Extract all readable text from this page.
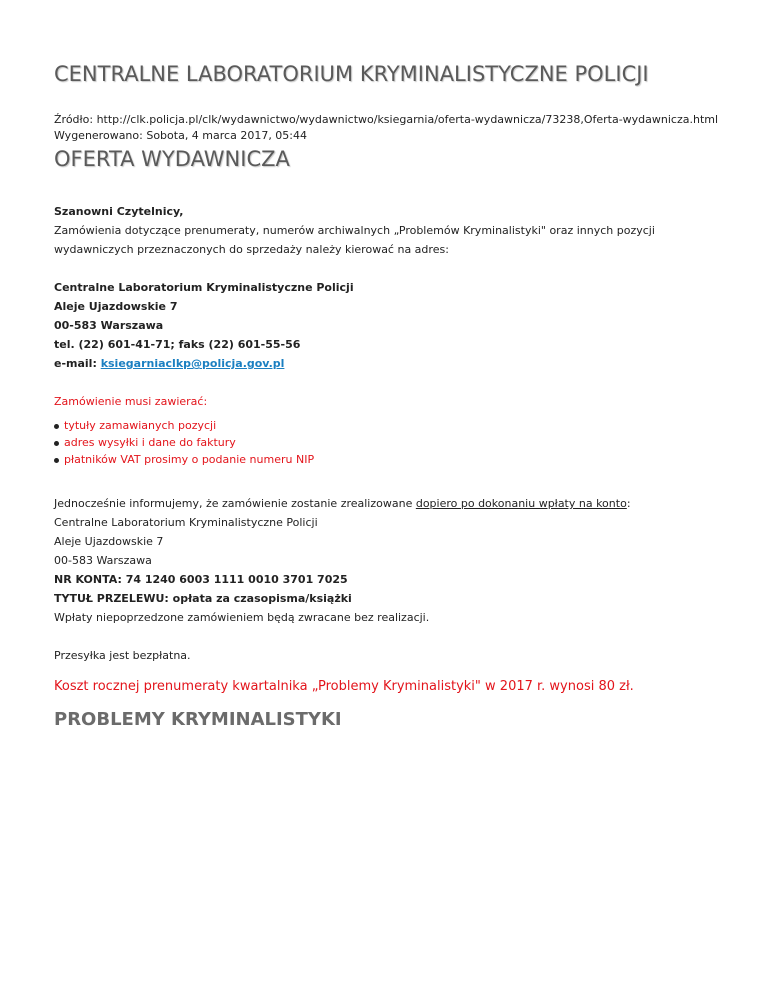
CENTRALNE LABORATORIUM KRYMINALISTYCZNE POLICJI
Źródło: http://clk.policja.pl/clk/wydawnictwo/wydawnictwo/ksiegarnia/oferta-wydawnicza/73238,Oferta-wydawnicza.html
Wygenerowano: Sobota, 4 marca 2017, 05:44
OFERTA WYDAWNICZA

Szanowni Czytelnicy,

Zamówienia dotyczące prenumeraty, numerów archiwalnych „Problemów Kryminalistyki" oraz innych pozycji wydawniczych przeznaczonych do sprzedaży należy kierować na adres:

Centralne Laboratorium Kryminalistyczne Policji

Aleje Ujazdowskie 7

00-583 Warszawa

tel. (22) 601-41-71; faks (22) 601-55-56

e-mail: ksiegarniaclkp@policja.gov.pl

Zamówienie musi zawierać:

tytuły zamawianych pozycji
adres wysyłki i dane do faktury
płatników VAT prosimy o podanie numeru NIP

Jednocześnie informujemy, że zamówienie zostanie zrealizowane dopiero po dokonaniu wpłaty na konto:

Centralne Laboratorium Kryminalistyczne Policji

Aleje Ujazdowskie 7

00-583 Warszawa

NR KONTA: 74 1240 6003 1111 0010 3701 7025

TYTUŁ PRZELEWU: opłata za czasopisma/książki

Wpłaty niepoprzedzone zamówieniem będą zwracane bez realizacji.

Przesyłka jest bezpłatna.

Koszt rocznej prenumeraty kwartalnika „Problemy Kryminalistyki" w 2017 r. wynosi 80 zł.

PROBLEMY KRYMINALISTYKI
